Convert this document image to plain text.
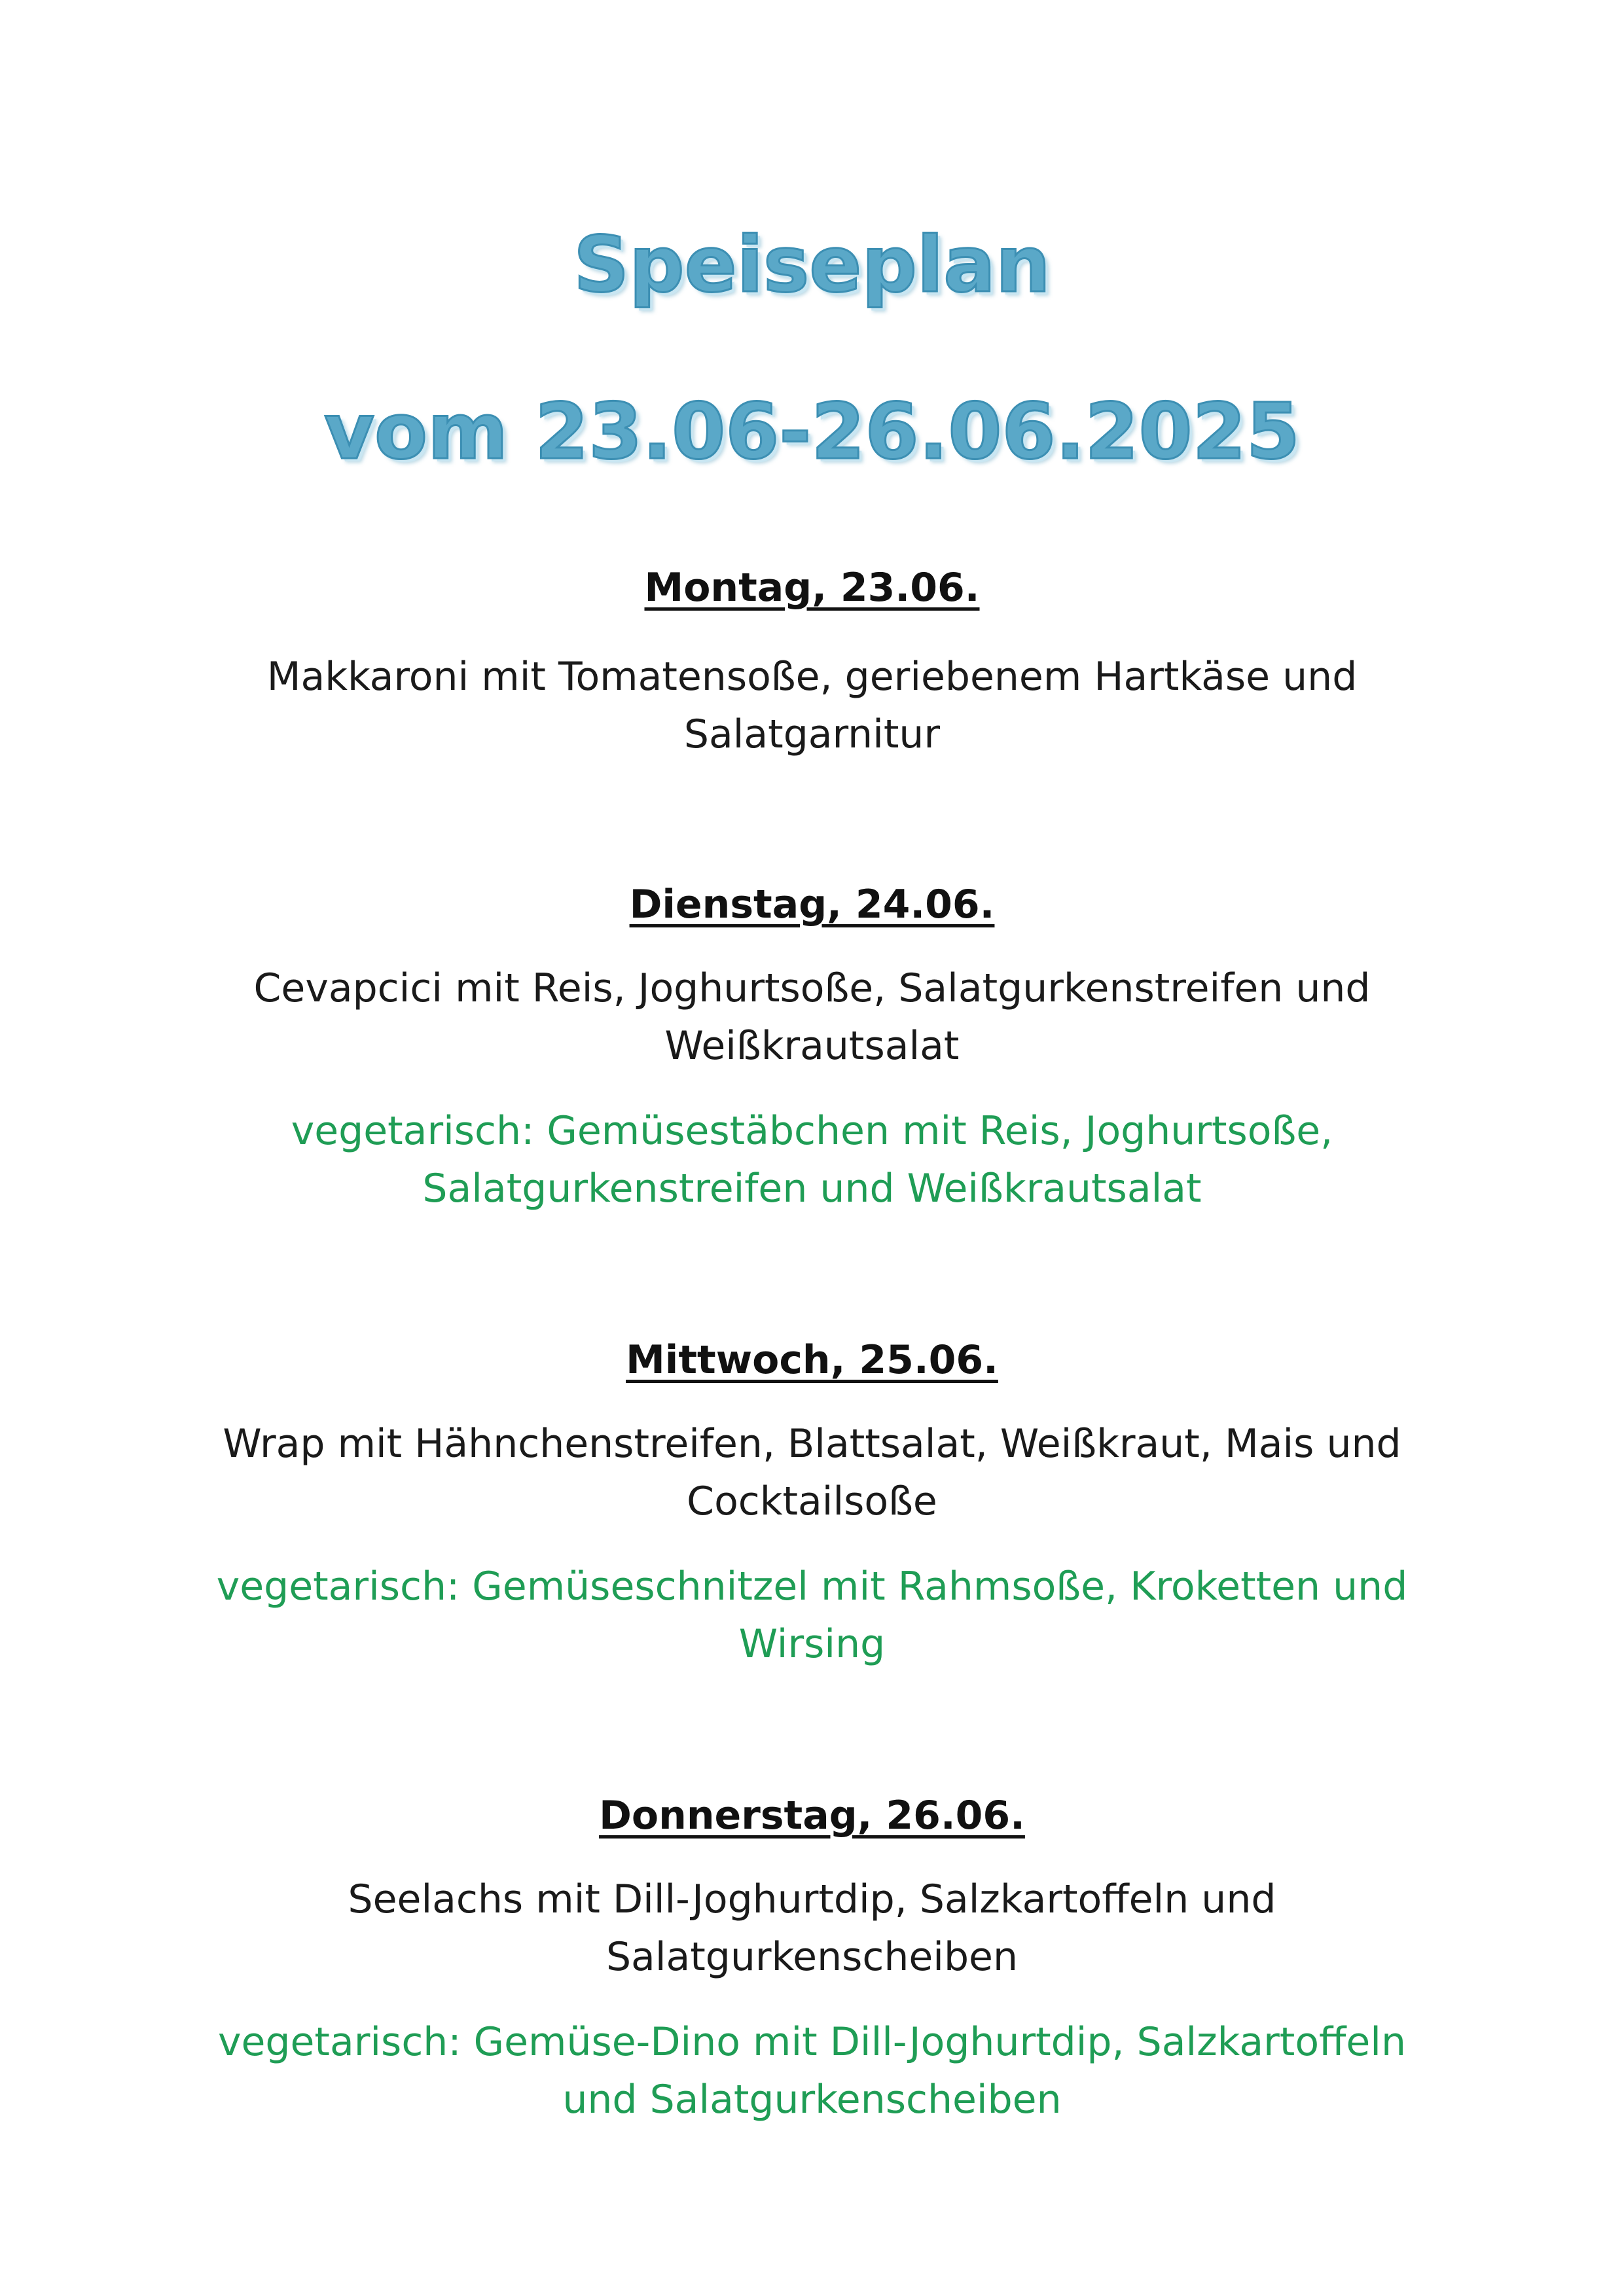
Speiseplan
vom 23.06-26.06.2025
Montag, 23.06.
Makkaroni mit Tomatensoße, geriebenem Hartkäse und
Salatgarnitur
Dienstag, 24.06.
Cevapcici mit Reis, Joghurtsoße, Salatgurkenstreifen und
Weißkrautsalat
vegetarisch: Gemüsestäbchen mit Reis, Joghurtsoße,
Salatgurkenstreifen und Weißkrautsalat
Mittwoch, 25.06.
Wrap mit Hähnchenstreifen, Blattsalat, Weißkraut, Mais und
Cocktailsoße
vegetarisch: Gemüseschnitzel mit Rahmsoße, Kroketten und
Wirsing
Donnerstag, 26.06.
Seelachs mit Dill-Joghurtdip, Salzkartoffeln und
Salatgurkenscheiben
vegetarisch: Gemüse-Dino mit Dill-Joghurtdip, Salzkartoffeln
und Salatgurkenscheiben
